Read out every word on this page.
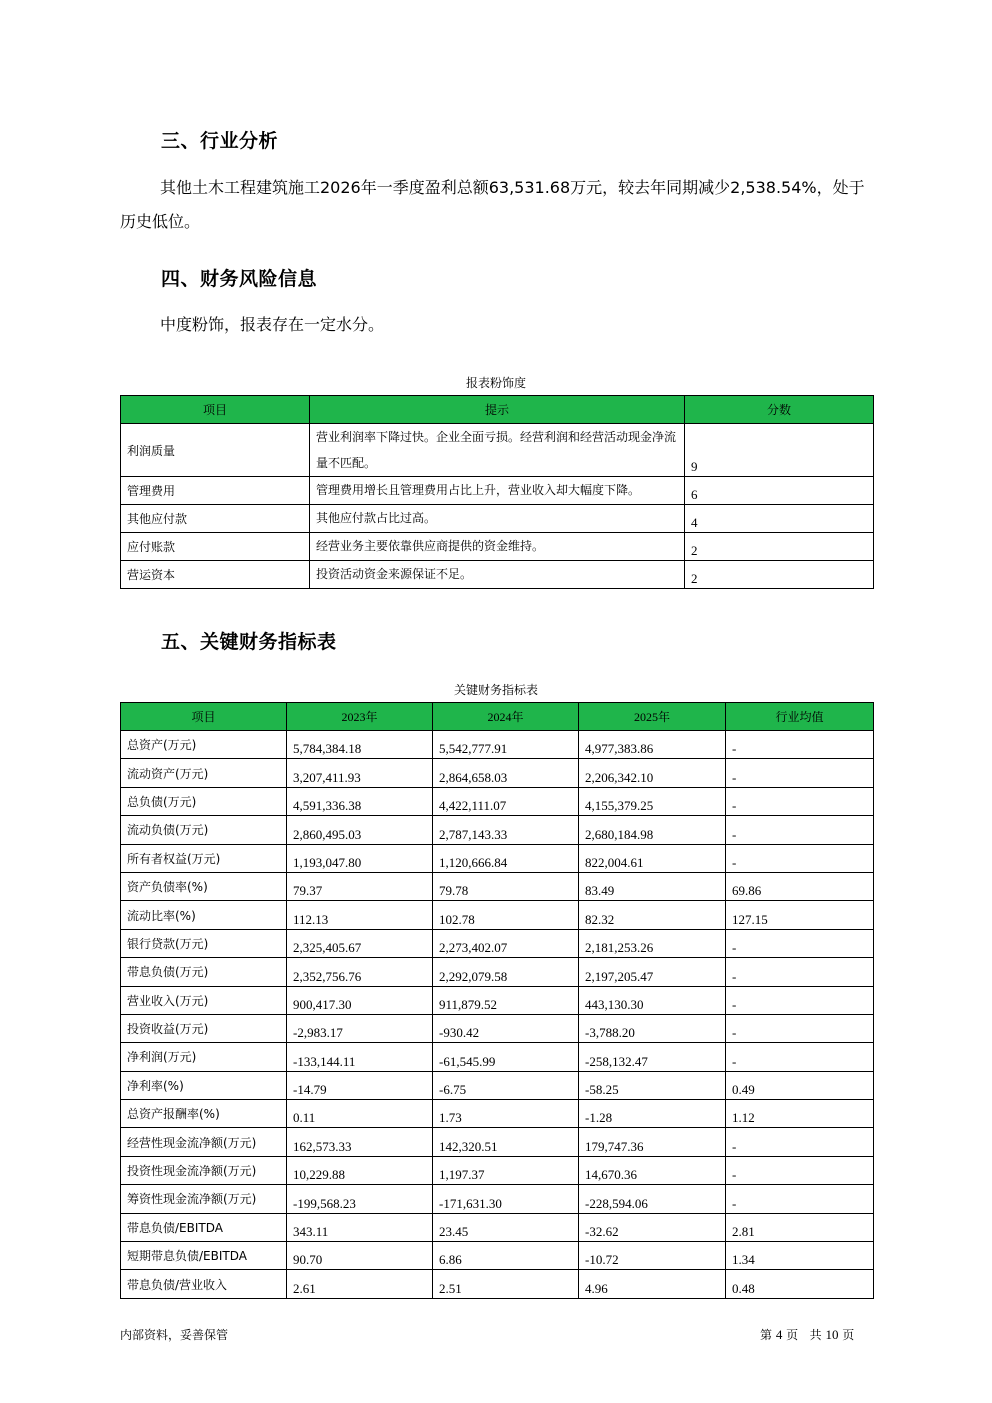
三、行业分析
其他土木工程建筑施工2026年一季度盈利总额63,531.68万元，较去年同期减少2,538.54%，处于历史低位。
四、财务风险信息
中度粉饰，报表存在一定水分。
报表粉饰度
项目	提示	分数
利润质量	营业利润率下降过快。企业全面亏损。经营利润和经营活动现金净流量不匹配。	9
管理费用	管理费用增长且管理费用占比上升，营业收入却大幅度下降。	6
其他应付款	其他应付款占比过高。	4
应付账款	经营业务主要依靠供应商提供的资金维持。	2
营运资本	投资活动资金来源保证不足。	2
五、关键财务指标表
关键财务指标表
项目	2023年	2024年	2025年	行业均值
总资产(万元)	5,784,384.18	5,542,777.91	4,977,383.86	-
流动资产(万元)	3,207,411.93	2,864,658.03	2,206,342.10	-
总负债(万元)	4,591,336.38	4,422,111.07	4,155,379.25	-
流动负债(万元)	2,860,495.03	2,787,143.33	2,680,184.98	-
所有者权益(万元)	1,193,047.80	1,120,666.84	822,004.61	-
资产负债率(%)	79.37	79.78	83.49	69.86
流动比率(%)	112.13	102.78	82.32	127.15
银行贷款(万元)	2,325,405.67	2,273,402.07	2,181,253.26	-
带息负债(万元)	2,352,756.76	2,292,079.58	2,197,205.47	-
营业收入(万元)	900,417.30	911,879.52	443,130.30	-
投资收益(万元)	-2,983.17	-930.42	-3,788.20	-
净利润(万元)	-133,144.11	-61,545.99	-258,132.47	-
净利率(%)	-14.79	-6.75	-58.25	0.49
总资产报酬率(%)	0.11	1.73	-1.28	1.12
经营性现金流净额(万元)	162,573.33	142,320.51	179,747.36	-
投资性现金流净额(万元)	10,229.88	1,197.37	14,670.36	-
筹资性现金流净额(万元)	-199,568.23	-171,631.30	-228,594.06	-
带息负债/EBITDA	343.11	23.45	-32.62	2.81
短期带息负债/EBITDA	90.70	6.86	-10.72	1.34
带息负债/营业收入	2.61	2.51	4.96	0.48
内部资料，妥善保管	第 4 页   共 10 页
